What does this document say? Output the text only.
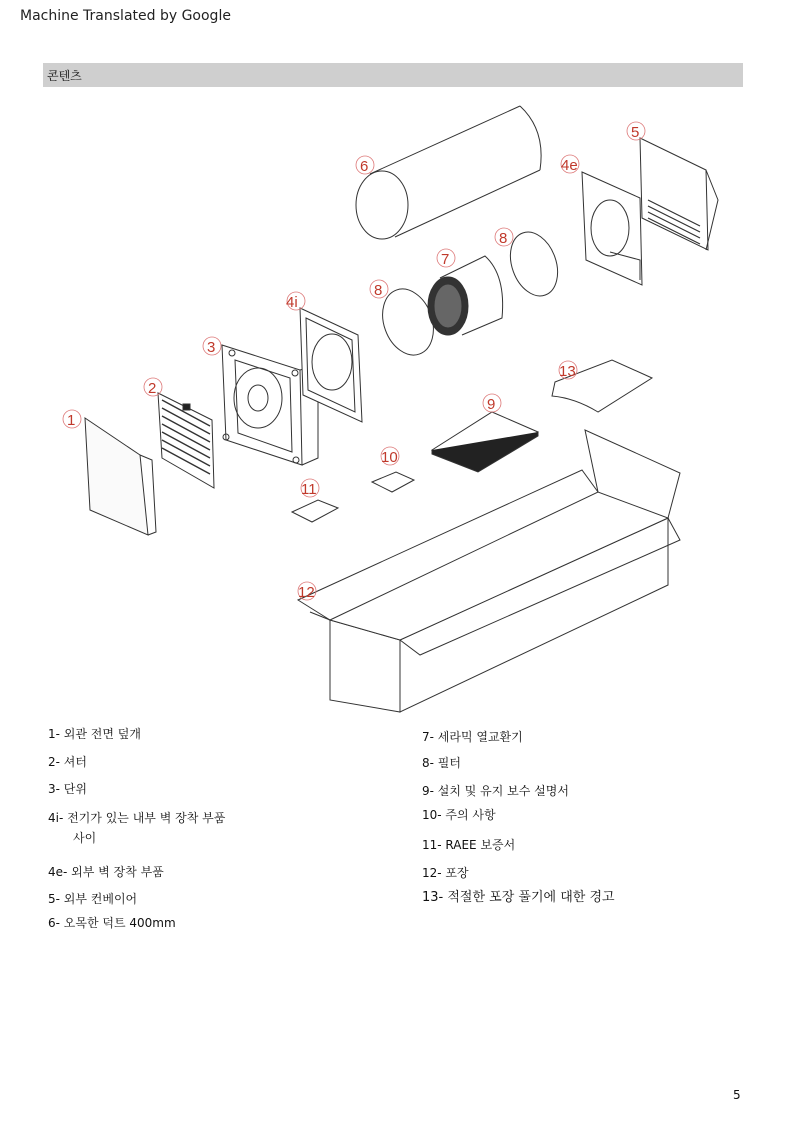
Machine Translated by Google
콘텐츠
1
2
3
4i
4e
5
6
7
8
8
9
10
11
12
13
1- 외관 전면 덮개
2- 셔터
3- 단위
4i- 전기가 있는 내부 벽 장착 부품
사이
4e- 외부 벽 장착 부품
5- 외부 컨베이어
6- 오목한 덕트 400mm
7- 세라믹 열교환기
8- 필터
9- 설치 및 유지 보수 설명서
10- 주의 사항
11- RAEE 보증서
12- 포장
13- 적절한 포장 풀기에 대한 경고
5
